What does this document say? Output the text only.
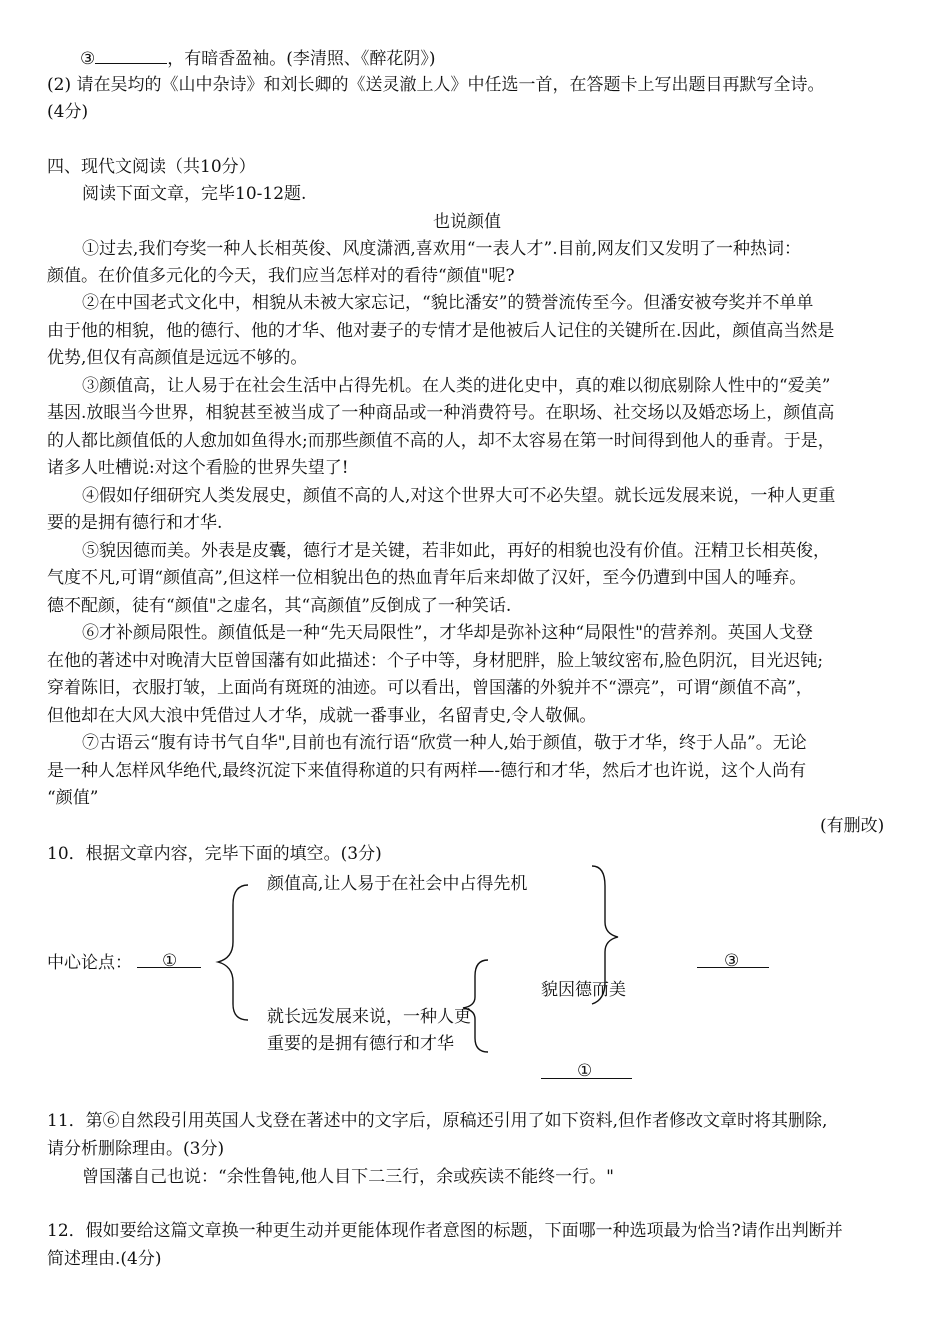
③	，有暗香盈袖。(李清照、《醉花阴》)
(2) 请在吴均的《山中杂诗》和刘长卿的《送灵澈上人》中任选一首，在答题卡上写出题目再默写全诗。
(4分)
四、现代文阅读（共10分）
阅读下面文章，完毕10-12题.
也说颜值
①过去,我们夸奖一种人长相英俊、风度潇洒,喜欢用“一表人才”.目前,网友们又发明了一种热词：
颜值。在价值多元化的今天，我们应当怎样对的看待“颜值"呢?
②在中国老式文化中，相貌从未被大家忘记，“貌比潘安”的赞誉流传至今。但潘安被夸奖并不单单
由于他的相貌，他的德行、他的才华、他对妻子的专情才是他被后人记住的关键所在.因此，颜值高当然是
优势,但仅有高颜值是远远不够的。
③颜值高，让人易于在社会生活中占得先机。在人类的进化史中，真的难以彻底剔除人性中的“爱美”
基因.放眼当今世界，相貌甚至被当成了一种商品或一种消费符号。在职场、社交场以及婚恋场上，颜值高
的人都比颜值低的人愈加如鱼得水;而那些颜值不高的人，却不太容易在第一时间得到他人的垂青。于是，
诸多人吐槽说:对这个看脸的世界失望了!
④假如仔细研究人类发展史，颜值不高的人,对这个世界大可不必失望。就长远发展来说，一种人更重
要的是拥有德行和才华.
⑤貌因德而美。外表是皮囊，德行才是关键，若非如此，再好的相貌也没有价值。汪精卫长相英俊，
气度不凡,可谓“颜值高”,但这样一位相貌出色的热血青年后来却做了汉奸，至今仍遭到中国人的唾弃。
德不配颜，徒有“颜值"之虚名，其“高颜值”反倒成了一种笑话.
⑥才补颜局限性。颜值低是一种“先天局限性”，才华却是弥补这种“局限性"的营养剂。英国人戈登
在他的著述中对晚清大臣曾国藩有如此描述：个子中等，身材肥胖，脸上皱纹密布,脸色阴沉，目光迟钝;
穿着陈旧，衣服打皱，上面尚有斑斑的油迹。可以看出，曾国藩的外貌并不“漂亮”，可谓“颜值不高”，
但他却在大风大浪中凭借过人才华，成就一番事业，名留青史,令人敬佩。
⑦古语云“腹有诗书气自华",目前也有流行语“欣赏一种人,始于颜值，敬于才华，终于人品”。无论
是一种人怎样风华绝代,最终沉淀下来值得称道的只有两样—-德行和才华，然后才也许说，这个人尚有
“颜值”
(有删改)
10．根据文章内容，完毕下面的填空。(3分)
颜值高,让人易于在社会中占得先机
中心论点： ①
貌因德而美
③
就长远发展来说，一种人更
重要的是拥有德行和才华
①
11．第⑥自然段引用英国人戈登在著述中的文字后，原稿还引用了如下资料,但作者修改文章时将其删除,
请分析删除理由。(3分)
曾国藩自己也说：“余性鲁钝,他人目下二三行，余或疾读不能终一行。"
12．假如要给这篇文章换一种更生动并更能体现作者意图的标题，下面哪一种选项最为恰当?请作出判断并
简述理由.(4分)
